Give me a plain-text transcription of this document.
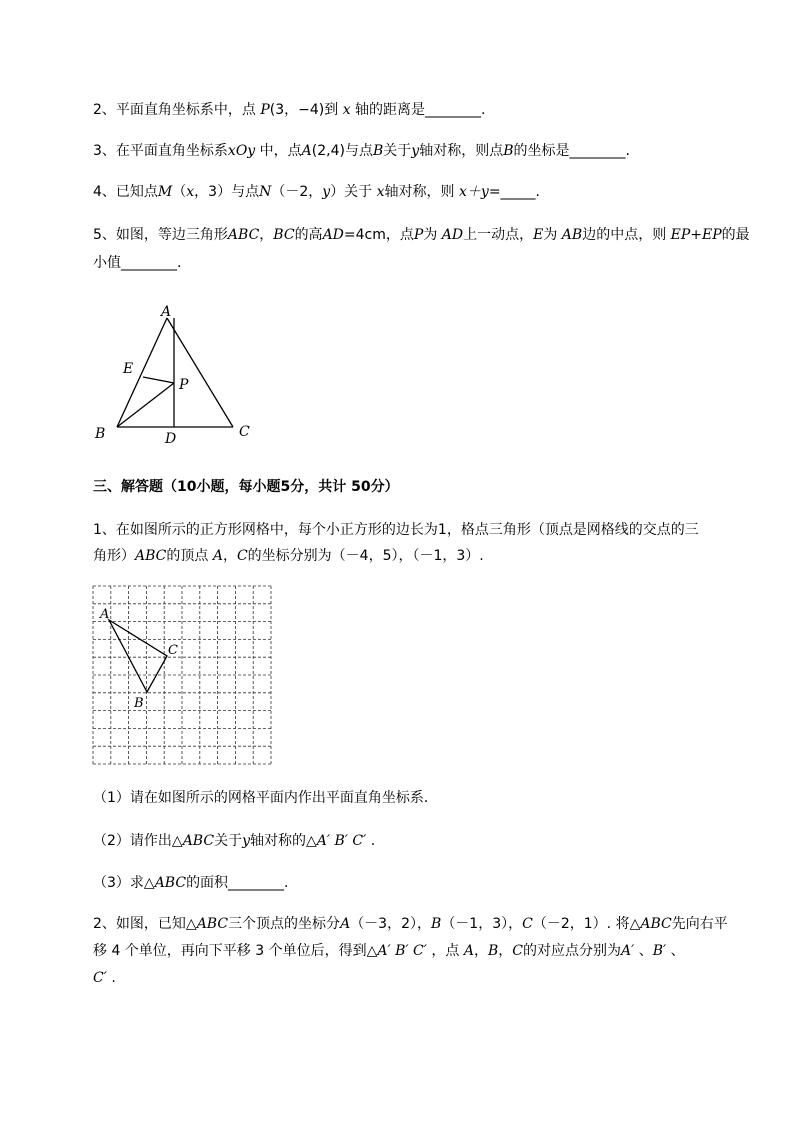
2、平面直角坐标系中，点 P(3，−4)到 x 轴的距离是________.
3、在平面直角坐标系xOy 中，点A(2,4)与点B关于y轴对称，则点B的坐标是________.
4、已知点M（x，3）与点N（－2，y）关于 x轴对称，则 x＋y=_____.
5、如图，等边三角形ABC，BC的高AD=4cm，点P为 AD上一动点，E为 AB边的中点，则 EP+EP的最
小值________.
A
B	C
D
E
P
三、解答题（10小题，每小题5分，共计 50分）
1、在如图所示的正方形网格中，每个小正方形的边长为1，格点三角形（顶点是网格线的交点的三
角形）ABC的顶点 A，C的坐标分别为（－4，5），（－1，3）.
A
B
C
（1）请在如图所示的网格平面内作出平面直角坐标系．
（2）请作出△ABC关于y轴对称的△A′ B′ C′ .
（3）求△ABC的面积________.
2、如图，已知△ABC三个顶点的坐标分A（－3，2），B（－1，3），C（－2，1）. 将△ABC先向右平
移 4 个单位，再向下平移 3 个单位后，得到△A′ B′ C′ ，点 A，B，C的对应点分别为A′ 、B′ 、
C′ .
